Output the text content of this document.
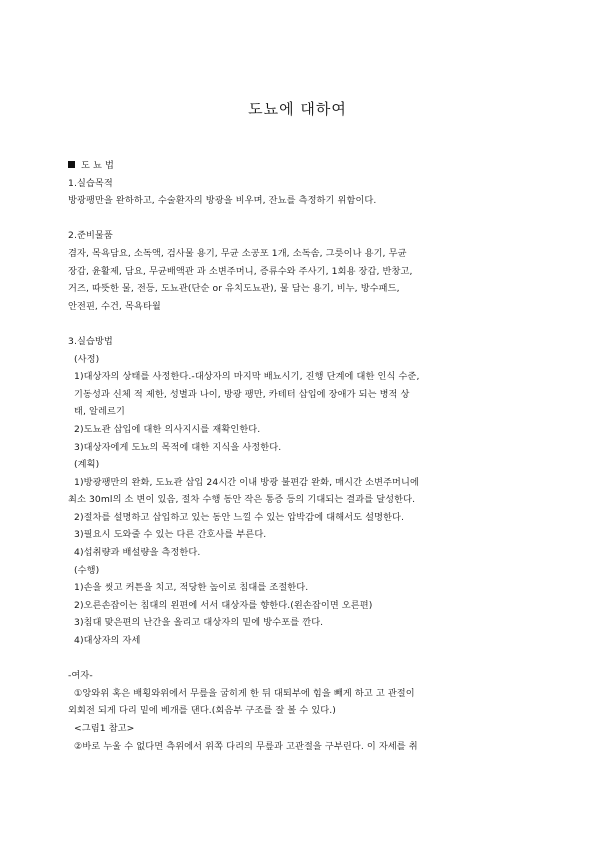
도뇨에 대하여
도 뇨 법
1.실습목적
방광팽만을 완하하고, 수술환자의 방광을 비우며, 잔뇨를 측정하기 위함이다.
2.준비물품
겸자, 목욕담요, 소독액, 검사물 용기, 무균 소공포 1개, 소독솜, 그릇이나 용기, 무균
장갑, 윤활제, 담요, 무균배액관 과 소변주머니, 증류수와 주사기, 1회용 장갑, 반창고,
거즈, 따뜻한 물, 전등, 도뇨관(단순 or 유치도뇨관), 물 담는 용기, 비누, 방수패드,
안전핀, 수건, 목욕타월
3.실습방법
(사정)
1)대상자의 상태를 사정한다.-대상자의 마지막 배뇨시기, 진행 단계에 대한 인식 수준,
기동성과 신체 적 제한, 성별과 나이, 방광 팽만, 카테터 삽입에 장애가 되는 병적 상
태, 알레르기
2)도뇨관 삽입에 대한 의사지시를 재확인한다.
3)대상자에게 도뇨의 목적에 대한 지식을 사정한다.
(계획)
1)방광팽만의 완화, 도뇨관 삽입 24시간 이내 방광 불편감 완화, 매시간 소변주머니에
최소 30ml의 소 변이 있음, 절차 수행 동안 작은 통증 등의 기대되는 결과를 달성한다.
2)절차를 설명하고 삽입하고 있는 동안 느낄 수 있는 압박감에 대해서도 설명한다.
3)필요시 도와줄 수 있는 다른 간호사를 부른다.
4)섭취량과 배설량을 측정한다.
(수행)
1)손을 씻고 커튼을 치고, 적당한 높이로 침대를 조절한다.
2)오른손잡이는 침대의 왼편에 서서 대상자를 향한다.(왼손잡이면 오른편)
3)침대 맞은편의 난간을 올리고 대상자의 밑에 방수포를 깐다.
4)대상자의 자세
-여자-
①앙와위 혹은 배횡와위에서 무릎을 굽히게 한 뒤 대퇴부에 힘을 빼게 하고 고 관절이
외회전 되게 다리 밑에 베개를 댄다.(회음부 구조를 잘 볼 수 있다.)
<그림1 참고>
②바로 누울 수 없다면 측위에서 위쪽 다리의 무릎과 고관절을 구부린다. 이 자세를 취
